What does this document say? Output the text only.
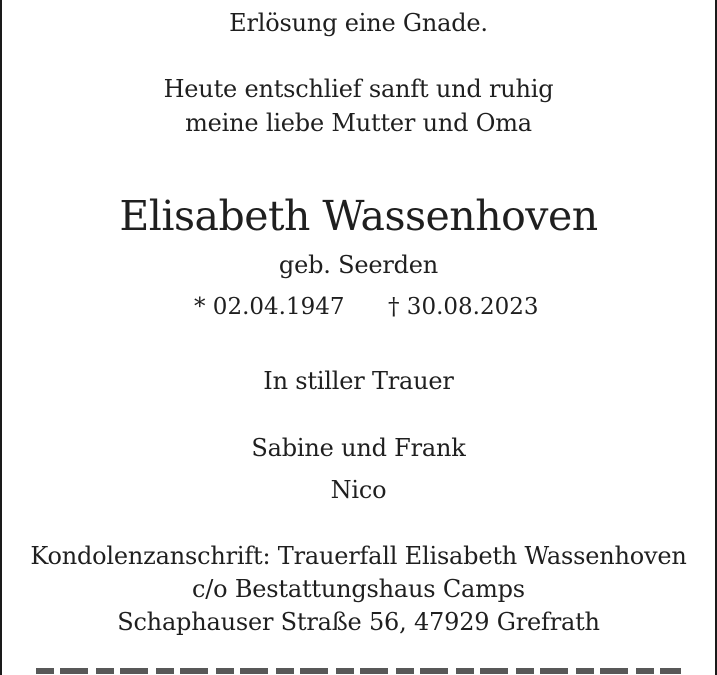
Erlösung eine Gnade.
Heute entschlief sanft und ruhig
meine liebe Mutter und Oma
Elisabeth Wassenhoven
geb. Seerden
* 02.04.1947 † 30.08.2023
In stiller Trauer
Sabine und Frank
Nico
Kondolenzanschrift: Trauerfall Elisabeth Wassenhoven
c/o Bestattungshaus Camps
Schaphauser Straße 56, 47929 Grefrath
